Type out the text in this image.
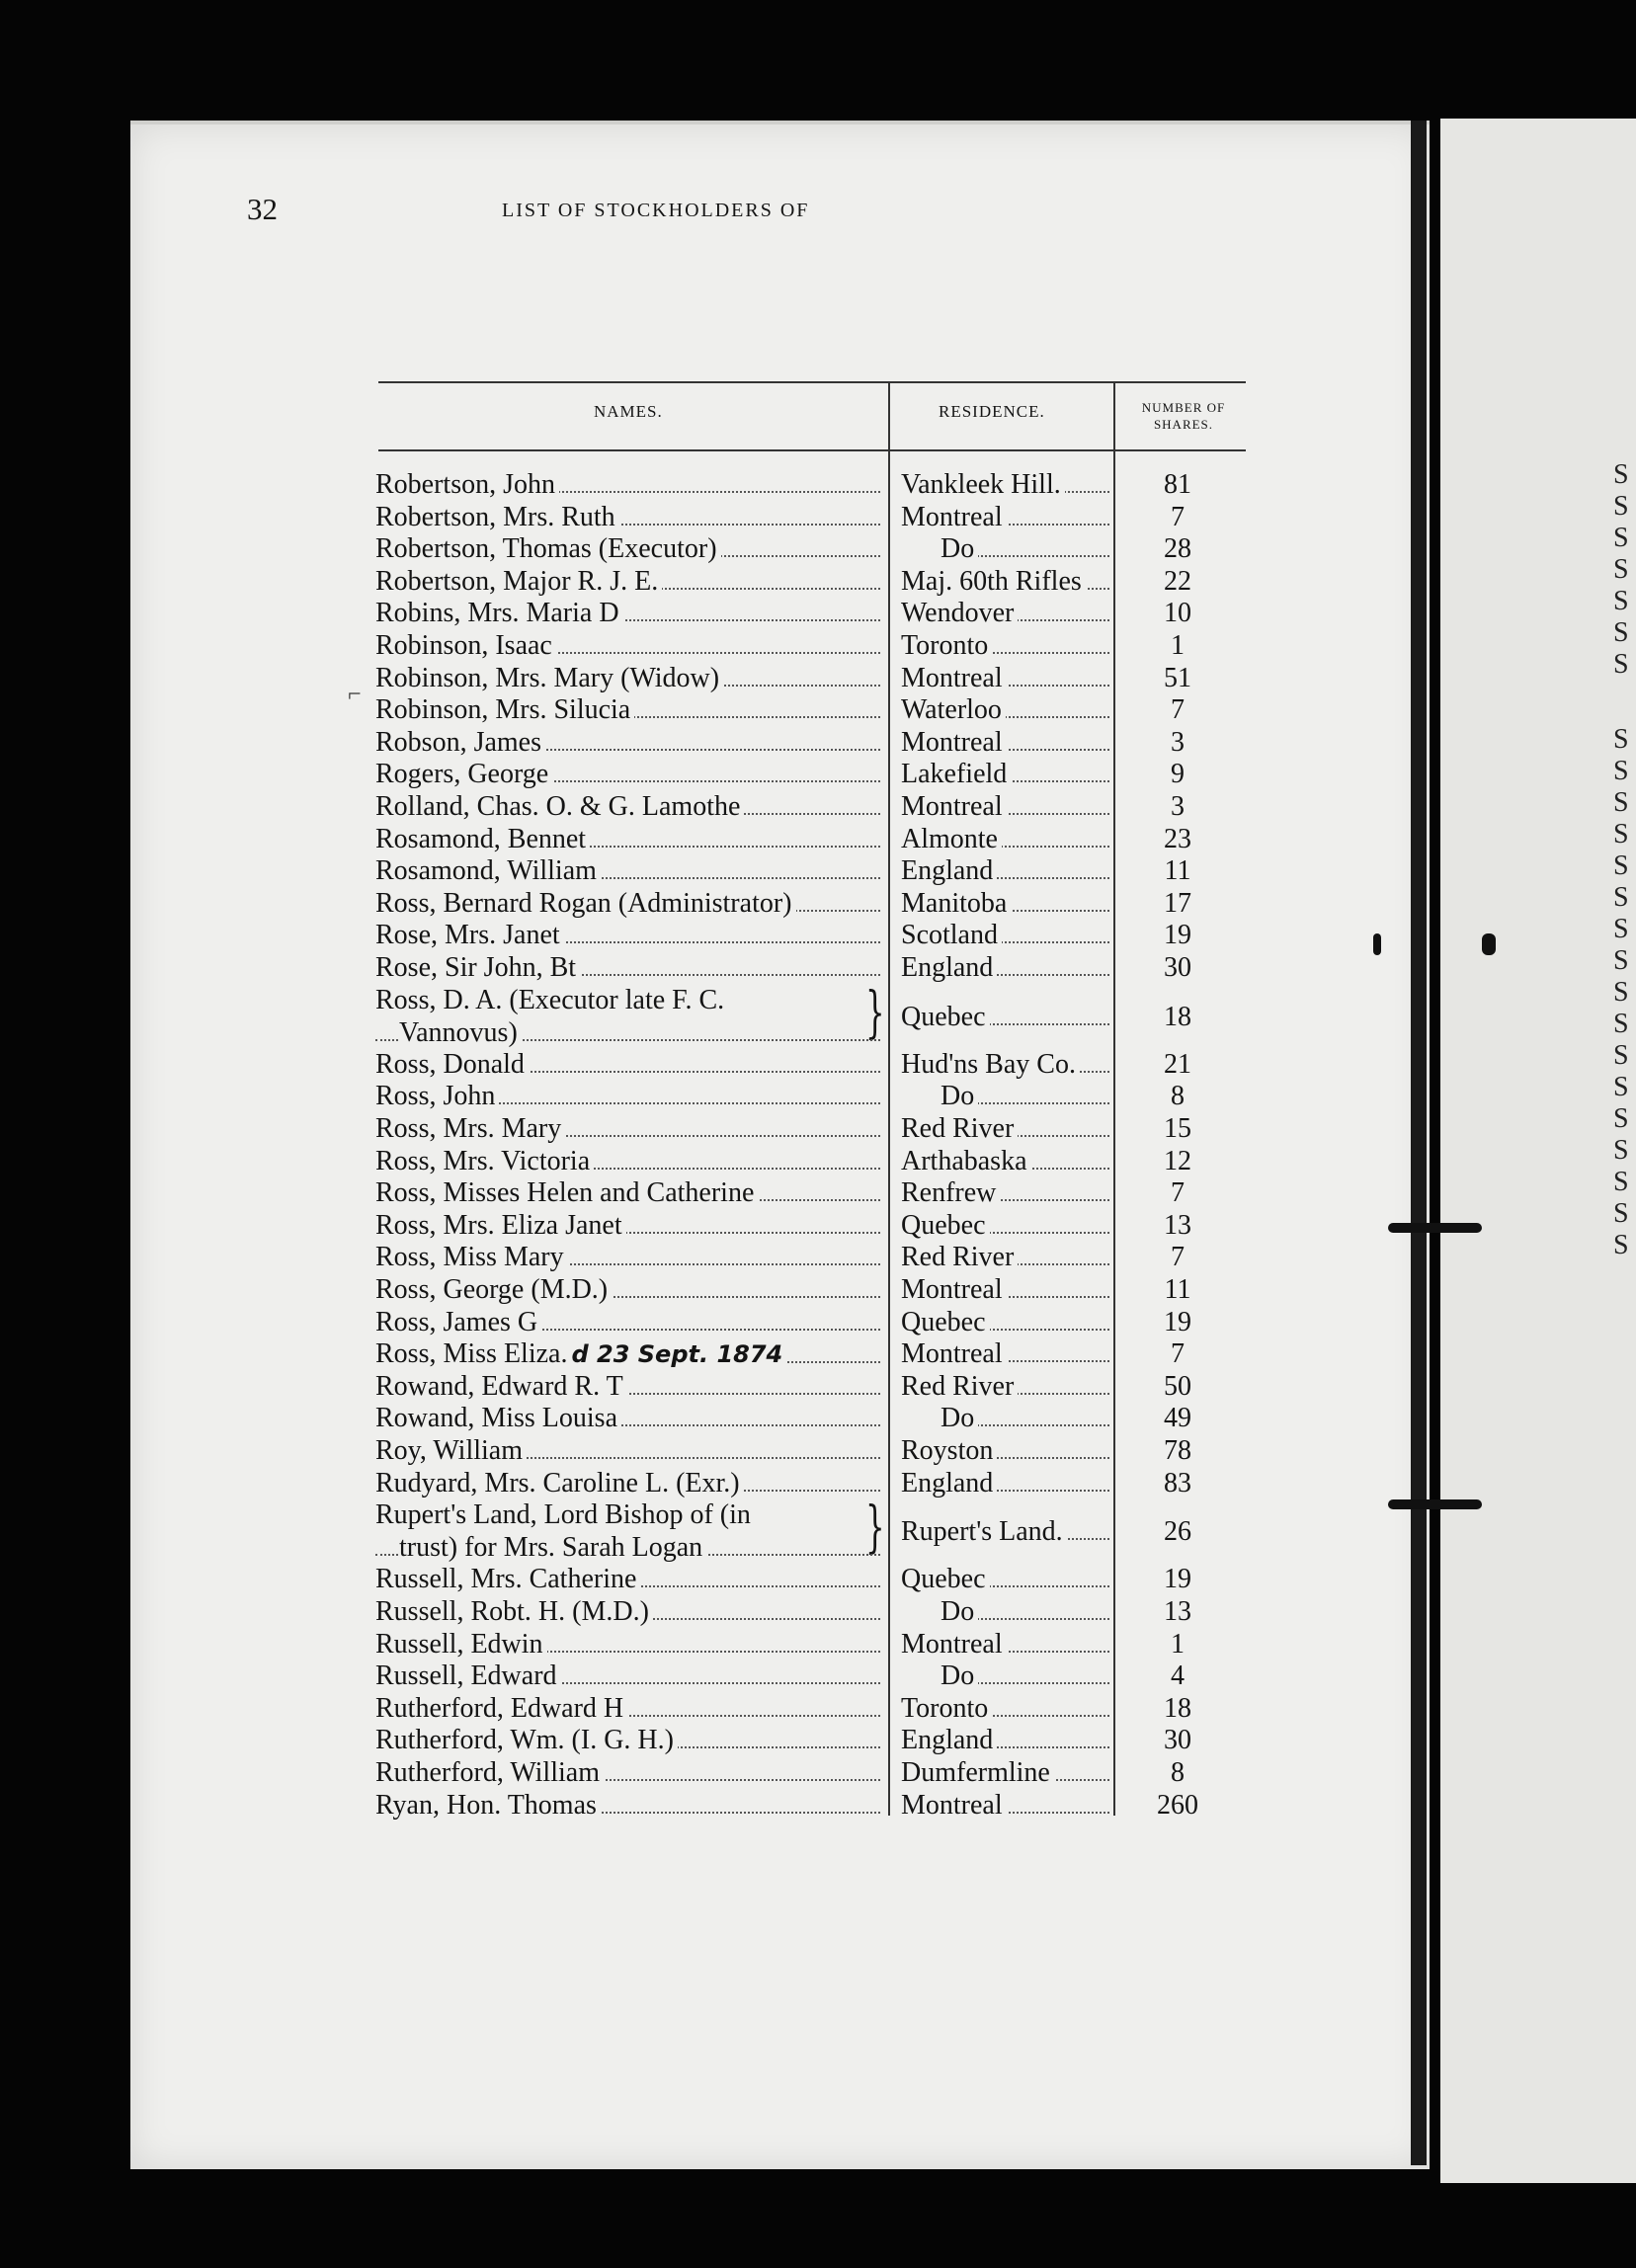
S
S
S
S
S
S
S
S
S
S
S
S
S
S
S
S
S
S
S
S
S
S
S
S
32	LIST OF STOCKHOLDERS OF
NAMES.	RESIDENCE.	NUMBER OF
SHARES.
⌐
Robertson, John	Vankleek Hill.	81
Robertson, Mrs. Ruth	Montreal	7
Robertson, Thomas (Executor)	Do	28
Robertson, Major R. J. E.	Maj. 60th Rifles	22
Robins, Mrs. Maria D	Wendover	10
Robinson, Isaac	Toronto	1
Robinson, Mrs. Mary (Widow)	Montreal	51
Robinson, Mrs. Silucia	Waterloo	7
Robson, James	Montreal	3
Rogers, George	Lakefield	9
Rolland, Chas. O. & G. Lamothe	Montreal	3
Rosamond, Bennet	Almonte	23
Rosamond, William	England	11
Ross, Bernard Rogan (Administrator)	Manitoba	17
Rose, Mrs. Janet	Scotland	19
Rose, Sir John, Bt	England	30
}
Ross, D. A. (Executor late F. C.
Vannovus)
Quebec	18
Ross, Donald	Hud'ns Bay Co.	21
Ross, John	Do	8
Ross, Mrs. Mary	Red River	15
Ross, Mrs. Victoria	Arthabaska	12
Ross, Misses Helen and Catherine	Renfrew	7
Ross, Mrs. Eliza Janet	Quebec	13
Ross, Miss Mary	Red River	7
Ross, George (M.D.)	Montreal	11
Ross, James G	Quebec	19
Ross, Miss Eliza. d 23 Sept. 1874	Montreal	7
Rowand, Edward R. T	Red River	50
Rowand, Miss Louisa	Do	49
Roy, William	Royston	78
Rudyard, Mrs. Caroline L. (Exr.)	England	83
}
Rupert's Land, Lord Bishop of (in
trust) for Mrs. Sarah Logan
Rupert's Land.	26
Russell, Mrs. Catherine	Quebec	19
Russell, Robt. H. (M.D.)	Do	13
Russell, Edwin	Montreal	1
Russell, Edward	Do	4
Rutherford, Edward H	Toronto	18
Rutherford, Wm. (I. G. H.)	England	30
Rutherford, William	Dumfermline	8
Ryan, Hon. Thomas	Montreal	260
